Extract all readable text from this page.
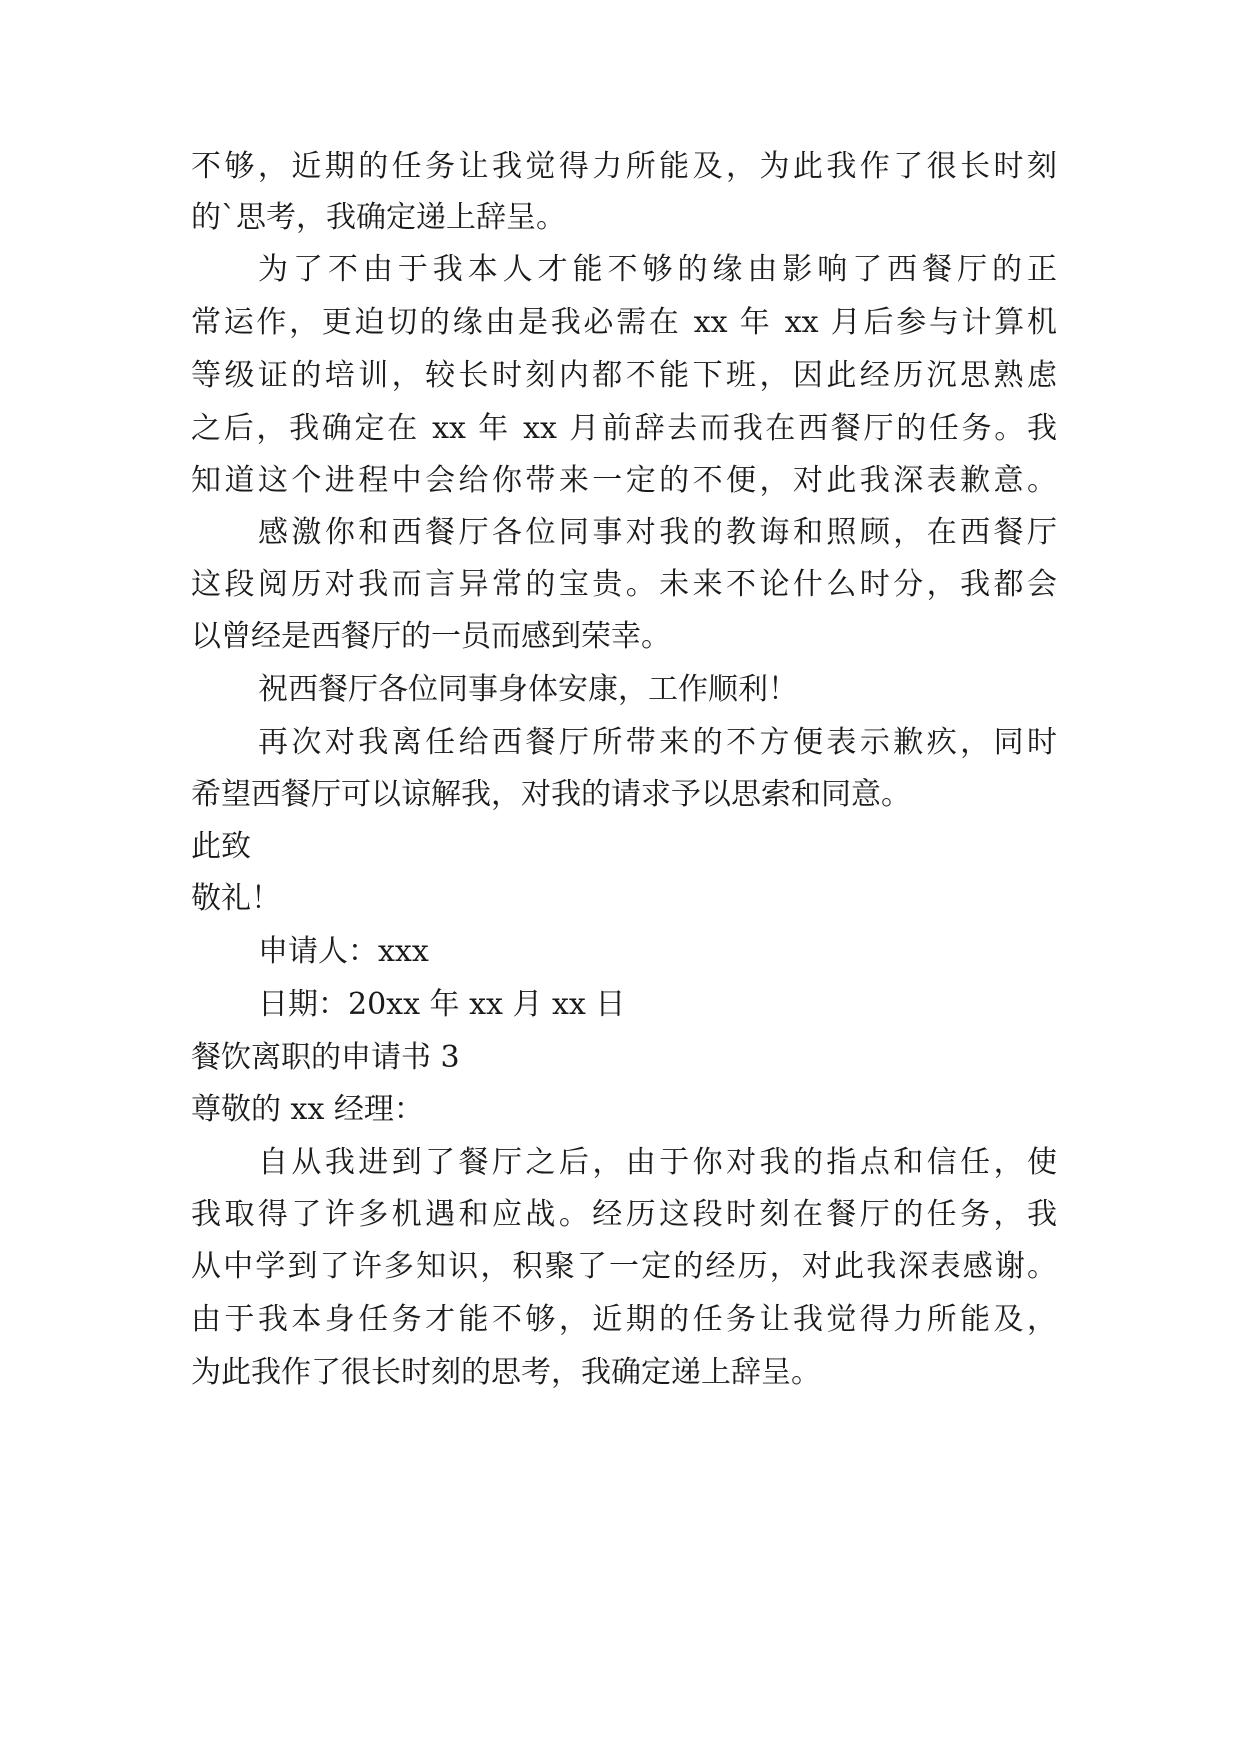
不够，近期的任务让我觉得力所能及，为此我作了很长时刻

的`思考，我确定递上辞呈。

为了不由于我本人才能不够的缘由影响了西餐厅的正

常运作，更迫切的缘由是我必需在 xx 年 xx 月后参与计算机

等级证的培训，较长时刻内都不能下班，因此经历沉思熟虑

之后，我确定在 xx 年 xx 月前辞去而我在西餐厅的任务。我

知道这个进程中会给你带来一定的不便，对此我深表歉意。

感激你和西餐厅各位同事对我的教诲和照顾，在西餐厅

这段阅历对我而言异常的宝贵。未来不论什么时分，我都会

以曾经是西餐厅的一员而感到荣幸。

祝西餐厅各位同事身体安康，工作顺利！

再次对我离任给西餐厅所带来的不方便表示歉疚，同时

希望西餐厅可以谅解我，对我的请求予以思索和同意。

此致

敬礼！

申请人：xxx

日期：20xx 年 xx 月 xx 日

餐饮离职的申请书 3

尊敬的 xx 经理：

自从我进到了餐厅之后，由于你对我的指点和信任，使

我取得了许多机遇和应战。经历这段时刻在餐厅的任务，我

从中学到了许多知识，积聚了一定的经历，对此我深表感谢。

由于我本身任务才能不够，近期的任务让我觉得力所能及，

为此我作了很长时刻的思考，我确定递上辞呈。
